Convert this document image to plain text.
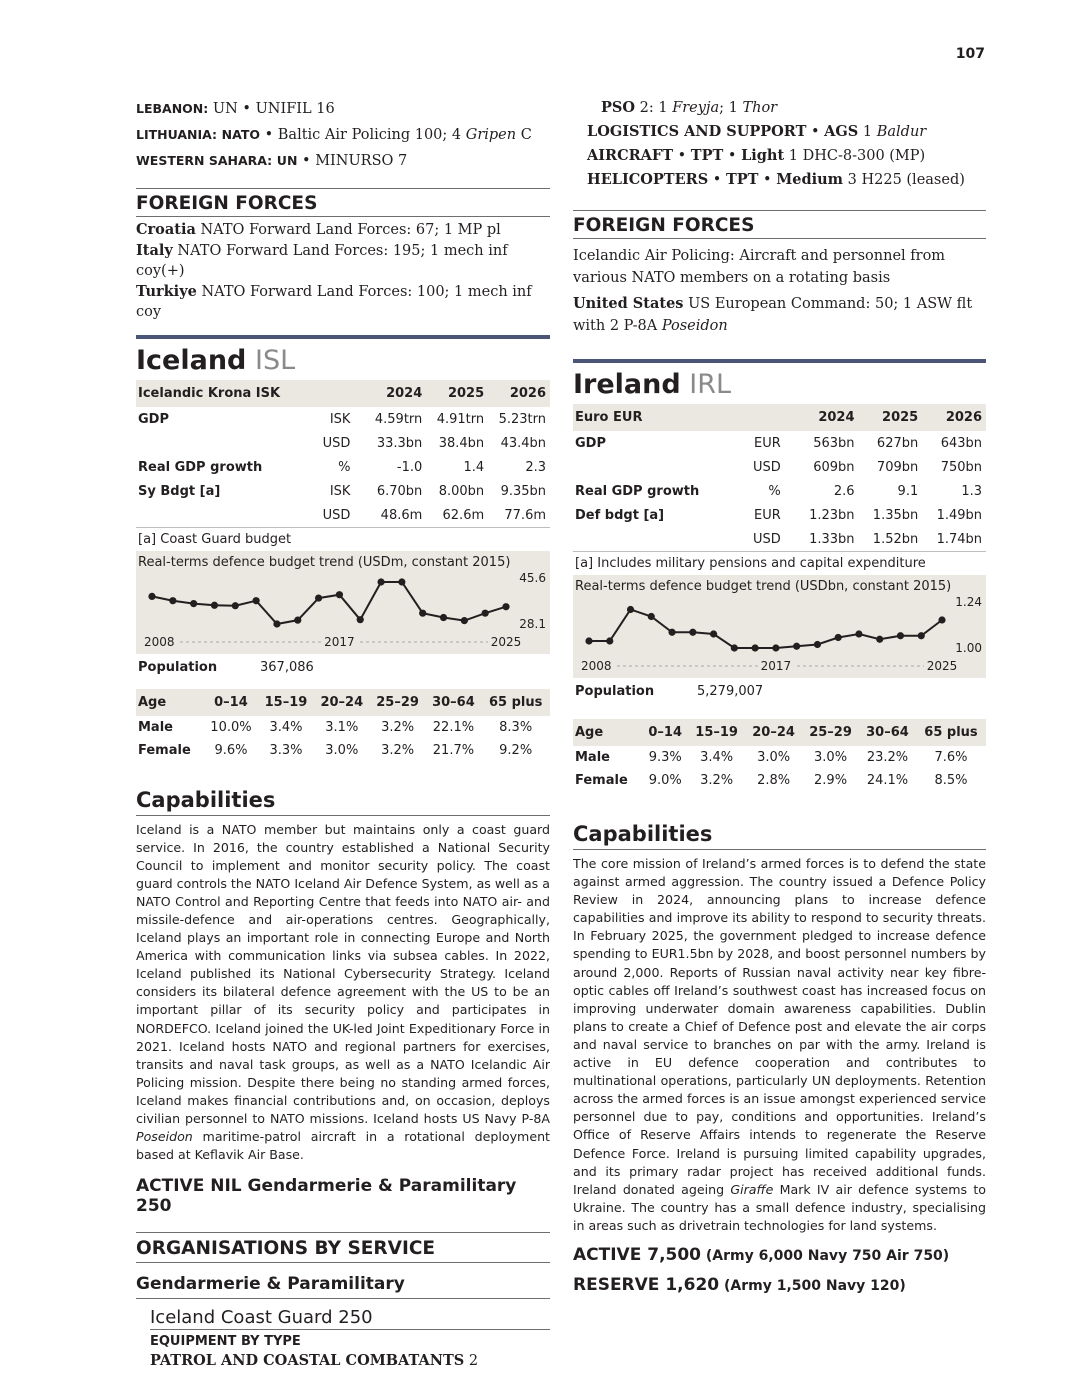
107
LEBANON: UN • UNIFIL 16
LITHUANIA: NATO • Baltic Air Policing 100; 4 Gripen C
WESTERN SAHARA: UN • MINURSO 7
FOREIGN FORCES
Croatia NATO Forward Land Forces: 67; 1 MP pl
Italy NATO Forward Land Forces: 195; 1 mech inf coy(+)
Turkiye NATO Forward Land Forces: 100; 1 mech inf coy
Iceland ISL
Icelandic Krona ISK		2024	2025	2026
GDP	ISK	4.59trn	4.91trn	5.23trn
	USD	33.3bn	38.4bn	43.4bn
Real GDP growth	%	-1.0	1.4	2.3
Sy Bdgt [a]	ISK	6.70bn	8.00bn	9.35bn
	USD	48.6m	62.6m	77.6m
[a] Coast Guard budget
Real-terms defence budget trend (USDm, constant 2015)
45.6
28.1
2008	2017	2025
Population	367,086
Age	0–14	15–19	20–24	25–29	30–64	65 plus
Male	10.0%	3.4%	3.1%	3.2%	22.1%	8.3%
Female	9.6%	3.3%	3.0%	3.2%	21.7%	9.2%
Capabilities
Iceland is a NATO member but maintains only a coast guard service. In 2016, the country established a National Security Council to implement and monitor security policy. The coast guard controls the NATO Iceland Air Defence System, as well as a NATO Control and Reporting Centre that feeds into NATO air- and missile-defence and air-operations centres. Geographically, Iceland plays an important role in connecting Europe and North America with communication links via subsea cables. In 2022, Iceland published its National Cybersecurity Strategy. Iceland considers its bilateral defence agreement with the US to be an important pillar of its security policy and participates in NORDEFCO. Iceland joined the UK-led Joint Expeditionary Force in 2021. Iceland hosts NATO and regional partners for exercises, transits and naval task groups, as well as a NATO Icelandic Air Policing mission. Despite there being no standing armed forces, Iceland makes financial contributions and, on occasion, deploys civilian personnel to NATO missions. Iceland hosts US Navy P-8A Poseidon maritime-patrol aircraft in a rotational deployment based at Keflavik Air Base.
ACTIVE NIL Gendarmerie & Paramilitary 250
ORGANISATIONS BY SERVICE
Gendarmerie & Paramilitary
Iceland Coast Guard 250
EQUIPMENT BY TYPE
PATROL AND COASTAL COMBATANTS 2
PSO 2: 1 Freyja; 1 Thor
LOGISTICS AND SUPPORT • AGS 1 Baldur
AIRCRAFT • TPT • Light 1 DHC-8-300 (MP)
HELICOPTERS • TPT • Medium 3 H225 (leased)
FOREIGN FORCES
Icelandic Air Policing: Aircraft and personnel from various NATO members on a rotating basis
United States US European Command: 50; 1 ASW flt with 2 P-8A Poseidon
Ireland IRL
Euro EUR		2024	2025	2026
GDP	EUR	563bn	627bn	643bn
	USD	609bn	709bn	750bn
Real GDP growth	%	2.6	9.1	1.3
Def bdgt [a]	EUR	1.23bn	1.35bn	1.49bn
	USD	1.33bn	1.52bn	1.74bn
[a] Includes military pensions and capital expenditure
Real-terms defence budget trend (USDbn, constant 2015)
1.24
1.00
2008	2017	2025
Population	5,279,007
Age	0–14	15–19	20–24	25–29	30–64	65 plus
Male	9.3%	3.4%	3.0%	3.0%	23.2%	7.6%
Female	9.0%	3.2%	2.8%	2.9%	24.1%	8.5%
Capabilities
The core mission of Ireland’s armed forces is to defend the state against armed aggression. The country issued a Defence Policy Review in 2024, announcing plans to increase defence capabilities and improve its ability to respond to security threats. In February 2025, the government pledged to increase defence spending to EUR1.5bn by 2028, and boost personnel numbers by around 2,000. Reports of Russian naval activity near key fibre-optic cables off Ireland’s southwest coast has increased focus on improving underwater domain awareness capabilities. Dublin plans to create a Chief of Defence post and elevate the air corps and naval service to branches on par with the army. Ireland is active in EU defence cooperation and contributes to multinational operations, particularly UN deployments. Retention across the armed forces is an issue amongst experienced service personnel due to pay, conditions and opportunities. Ireland’s Office of Reserve Affairs intends to regenerate the Reserve Defence Force. Ireland is pursuing limited capability upgrades, and its primary radar project has received additional funds. Ireland donated ageing Giraffe Mark IV air defence systems to Ukraine. The country has a small defence industry, specialising in areas such as drivetrain technologies for land systems.
ACTIVE 7,500 (Army 6,000 Navy 750 Air 750)
RESERVE 1,620 (Army 1,500 Navy 120)
